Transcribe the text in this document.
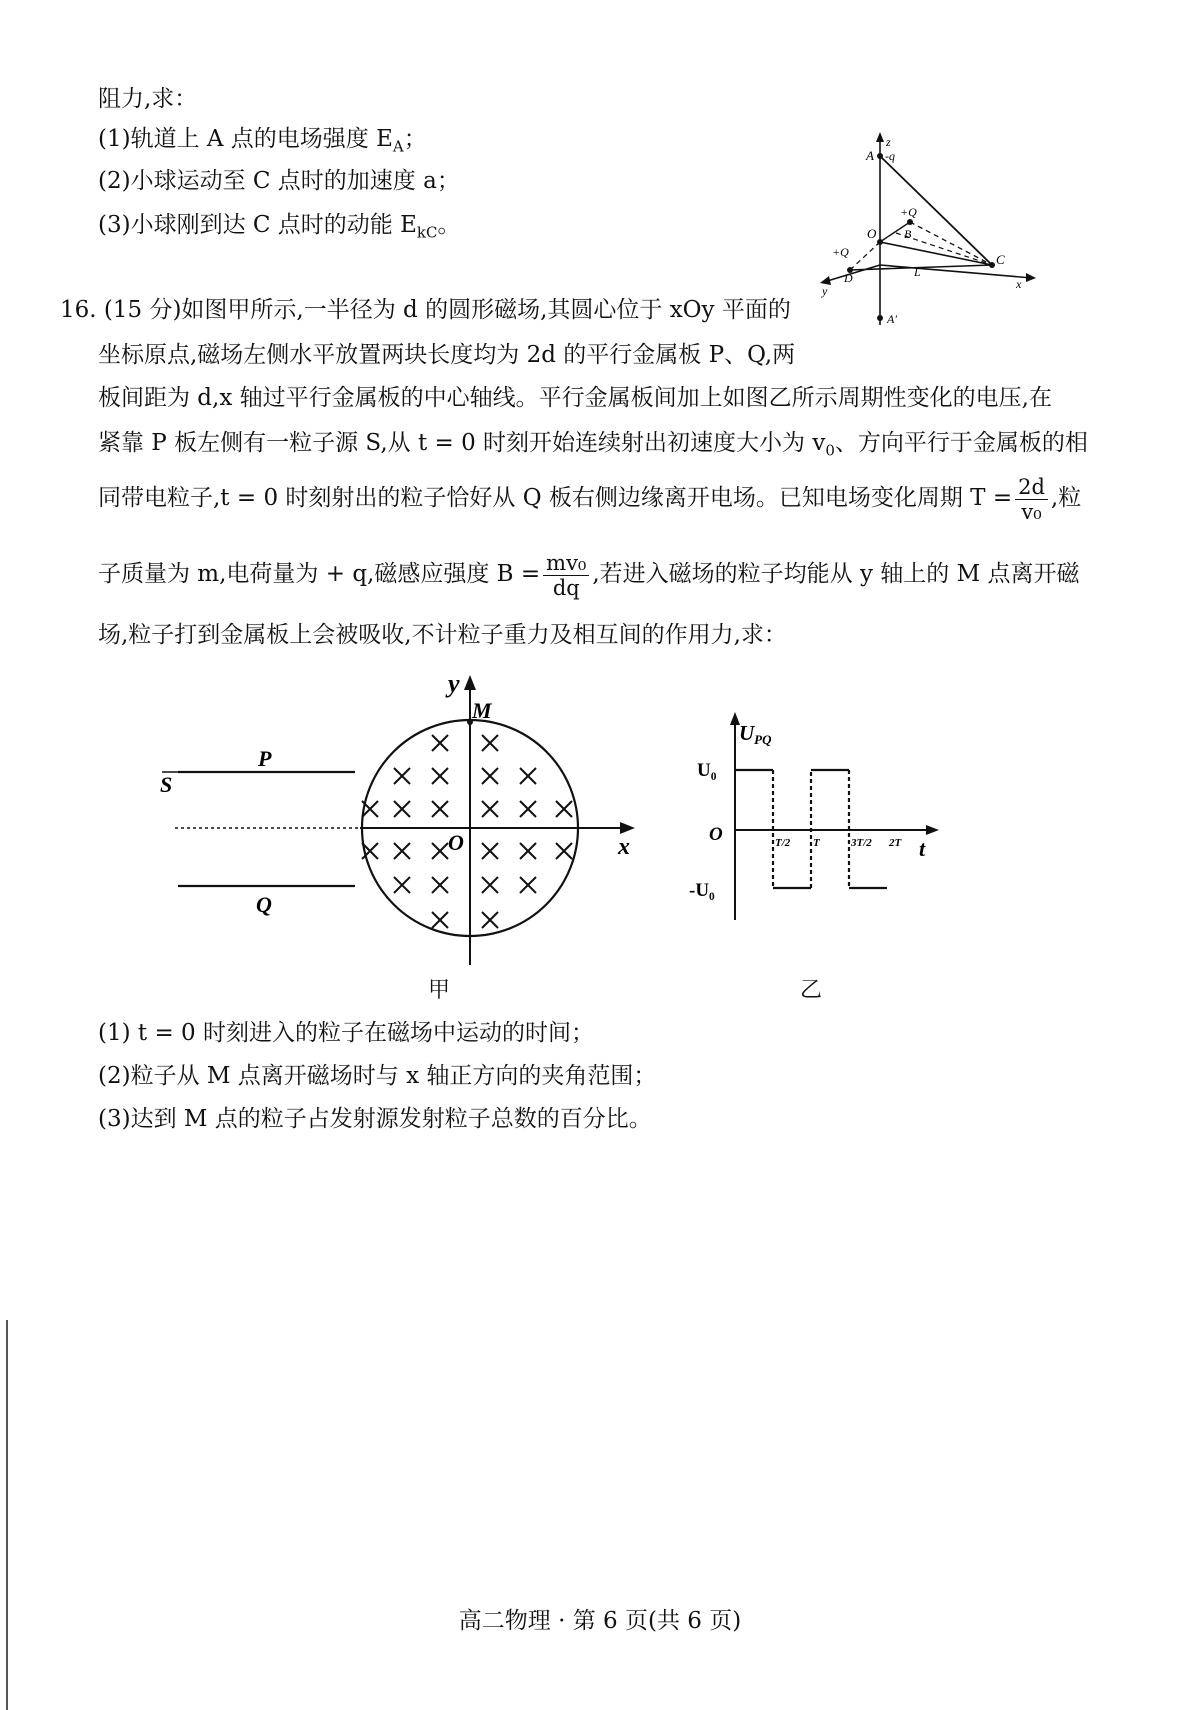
阻力,求：
(1)轨道上 A 点的电场强度 $E_A$；
(2)小球运动至 C 点时的加速度 a；
(3)小球刚到达 C 点时的动能 $E_{kC}$。
z
A -q
+Q
O B
+Q	C
D	L
y	x
A′
16. (15 分)如图甲所示,一半径为 d 的圆形磁场,其圆心位于 xOy 平面的
坐标原点,磁场左侧水平放置两块长度均为 2d 的平行金属板 P、Q,两
板间距为 d,x 轴过平行金属板的中心轴线。平行金属板间加上如图乙所示周期性变化的电压,在
紧靠 P 板左侧有一粒子源 S,从 t = 0 时刻开始连续射出初速度大小为 $v_0$、方向平行于金属板的相
同带电粒子,t = 0 时刻射出的粒子恰好从 Q 板右侧边缘离开电场。已知电场变化周期 $T = \frac{2d}{\text{v₀}}$ ,粒
子质量为 m,电荷量为 + q,磁感应强度 $B = \frac{\text{mv₀}}{dq}$ ,若进入磁场的粒子均能从 y 轴上的 M 点离开磁
场,粒子打到金属板上会被吸收,不计粒子重力及相互间的作用力,求：
y
M
P
S
O	x
Q
甲
T/2 T	3T/2 2T
UPQ
U₀
O
-U₀
t
乙
(1) t = 0 时刻进入的粒子在磁场中运动的时间；
(2)粒子从 M 点离开磁场时与 x 轴正方向的夹角范围；
(3)达到 M 点的粒子占发射源发射粒子总数的百分比。
高二物理 · 第 6 页(共 6 页)
